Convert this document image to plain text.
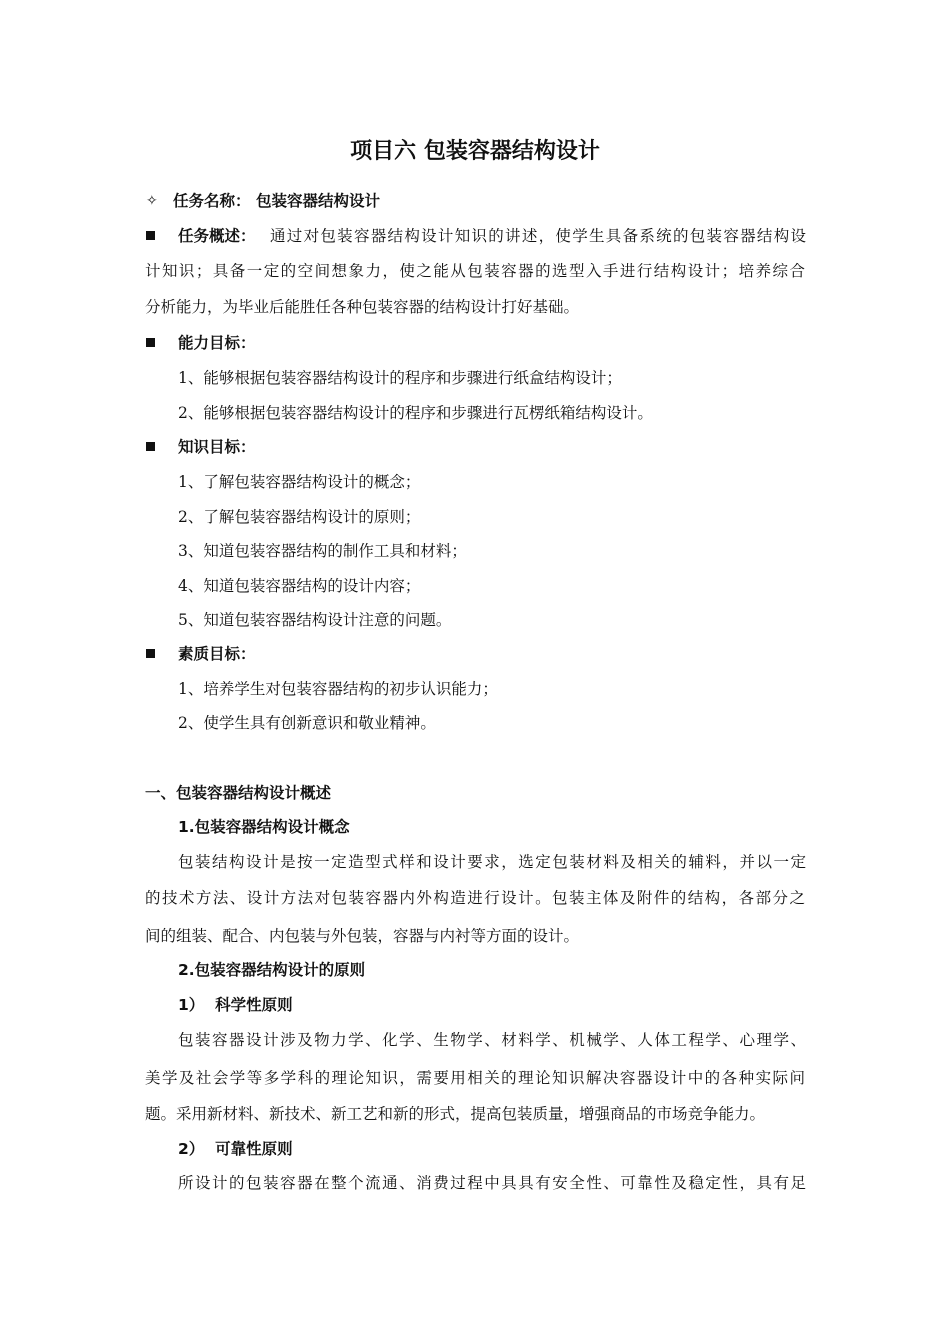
项目六 包装容器结构设计
✧ 任务名称： 包装容器结构设计
任务概述： 通过对包装容器结构设计知识的讲述，使学生具备系统的包装容器结构设
计知识；具备一定的空间想象力，使之能从包装容器的选型入手进行结构设计；培养综合
分析能力，为毕业后能胜任各种包装容器的结构设计打好基础。
能力目标：
1、能够根据包装容器结构设计的程序和步骤进行纸盒结构设计；
2、能够根据包装容器结构设计的程序和步骤进行瓦楞纸箱结构设计。
知识目标：
1、了解包装容器结构设计的概念；
2、了解包装容器结构设计的原则；
3、知道包装容器结构的制作工具和材料；
4、知道包装容器结构的设计内容；
5、知道包装容器结构设计注意的问题。
素质目标：
1、培养学生对包装容器结构的初步认识能力；
2、使学生具有创新意识和敬业精神。
一、包装容器结构设计概述
1.包装容器结构设计概念
包装结构设计是按一定造型式样和设计要求，选定包装材料及相关的辅料，并以一定
的技术方法、设计方法对包装容器内外构造进行设计。包装主体及附件的结构，各部分之
间的组装、配合、内包装与外包装，容器与内衬等方面的设计。
2.包装容器结构设计的原则
1）  科学性原则
包装容器设计涉及物力学、化学、生物学、材料学、机械学、人体工程学、心理学、
美学及社会学等多学科的理论知识，需要用相关的理论知识解决容器设计中的各种实际问
题。采用新材料、新技术、新工艺和新的形式，提高包装质量，增强商品的市场竞争能力。
2）  可靠性原则
所设计的包装容器在整个流通、消费过程中具具有安全性、可靠性及稳定性，具有足
